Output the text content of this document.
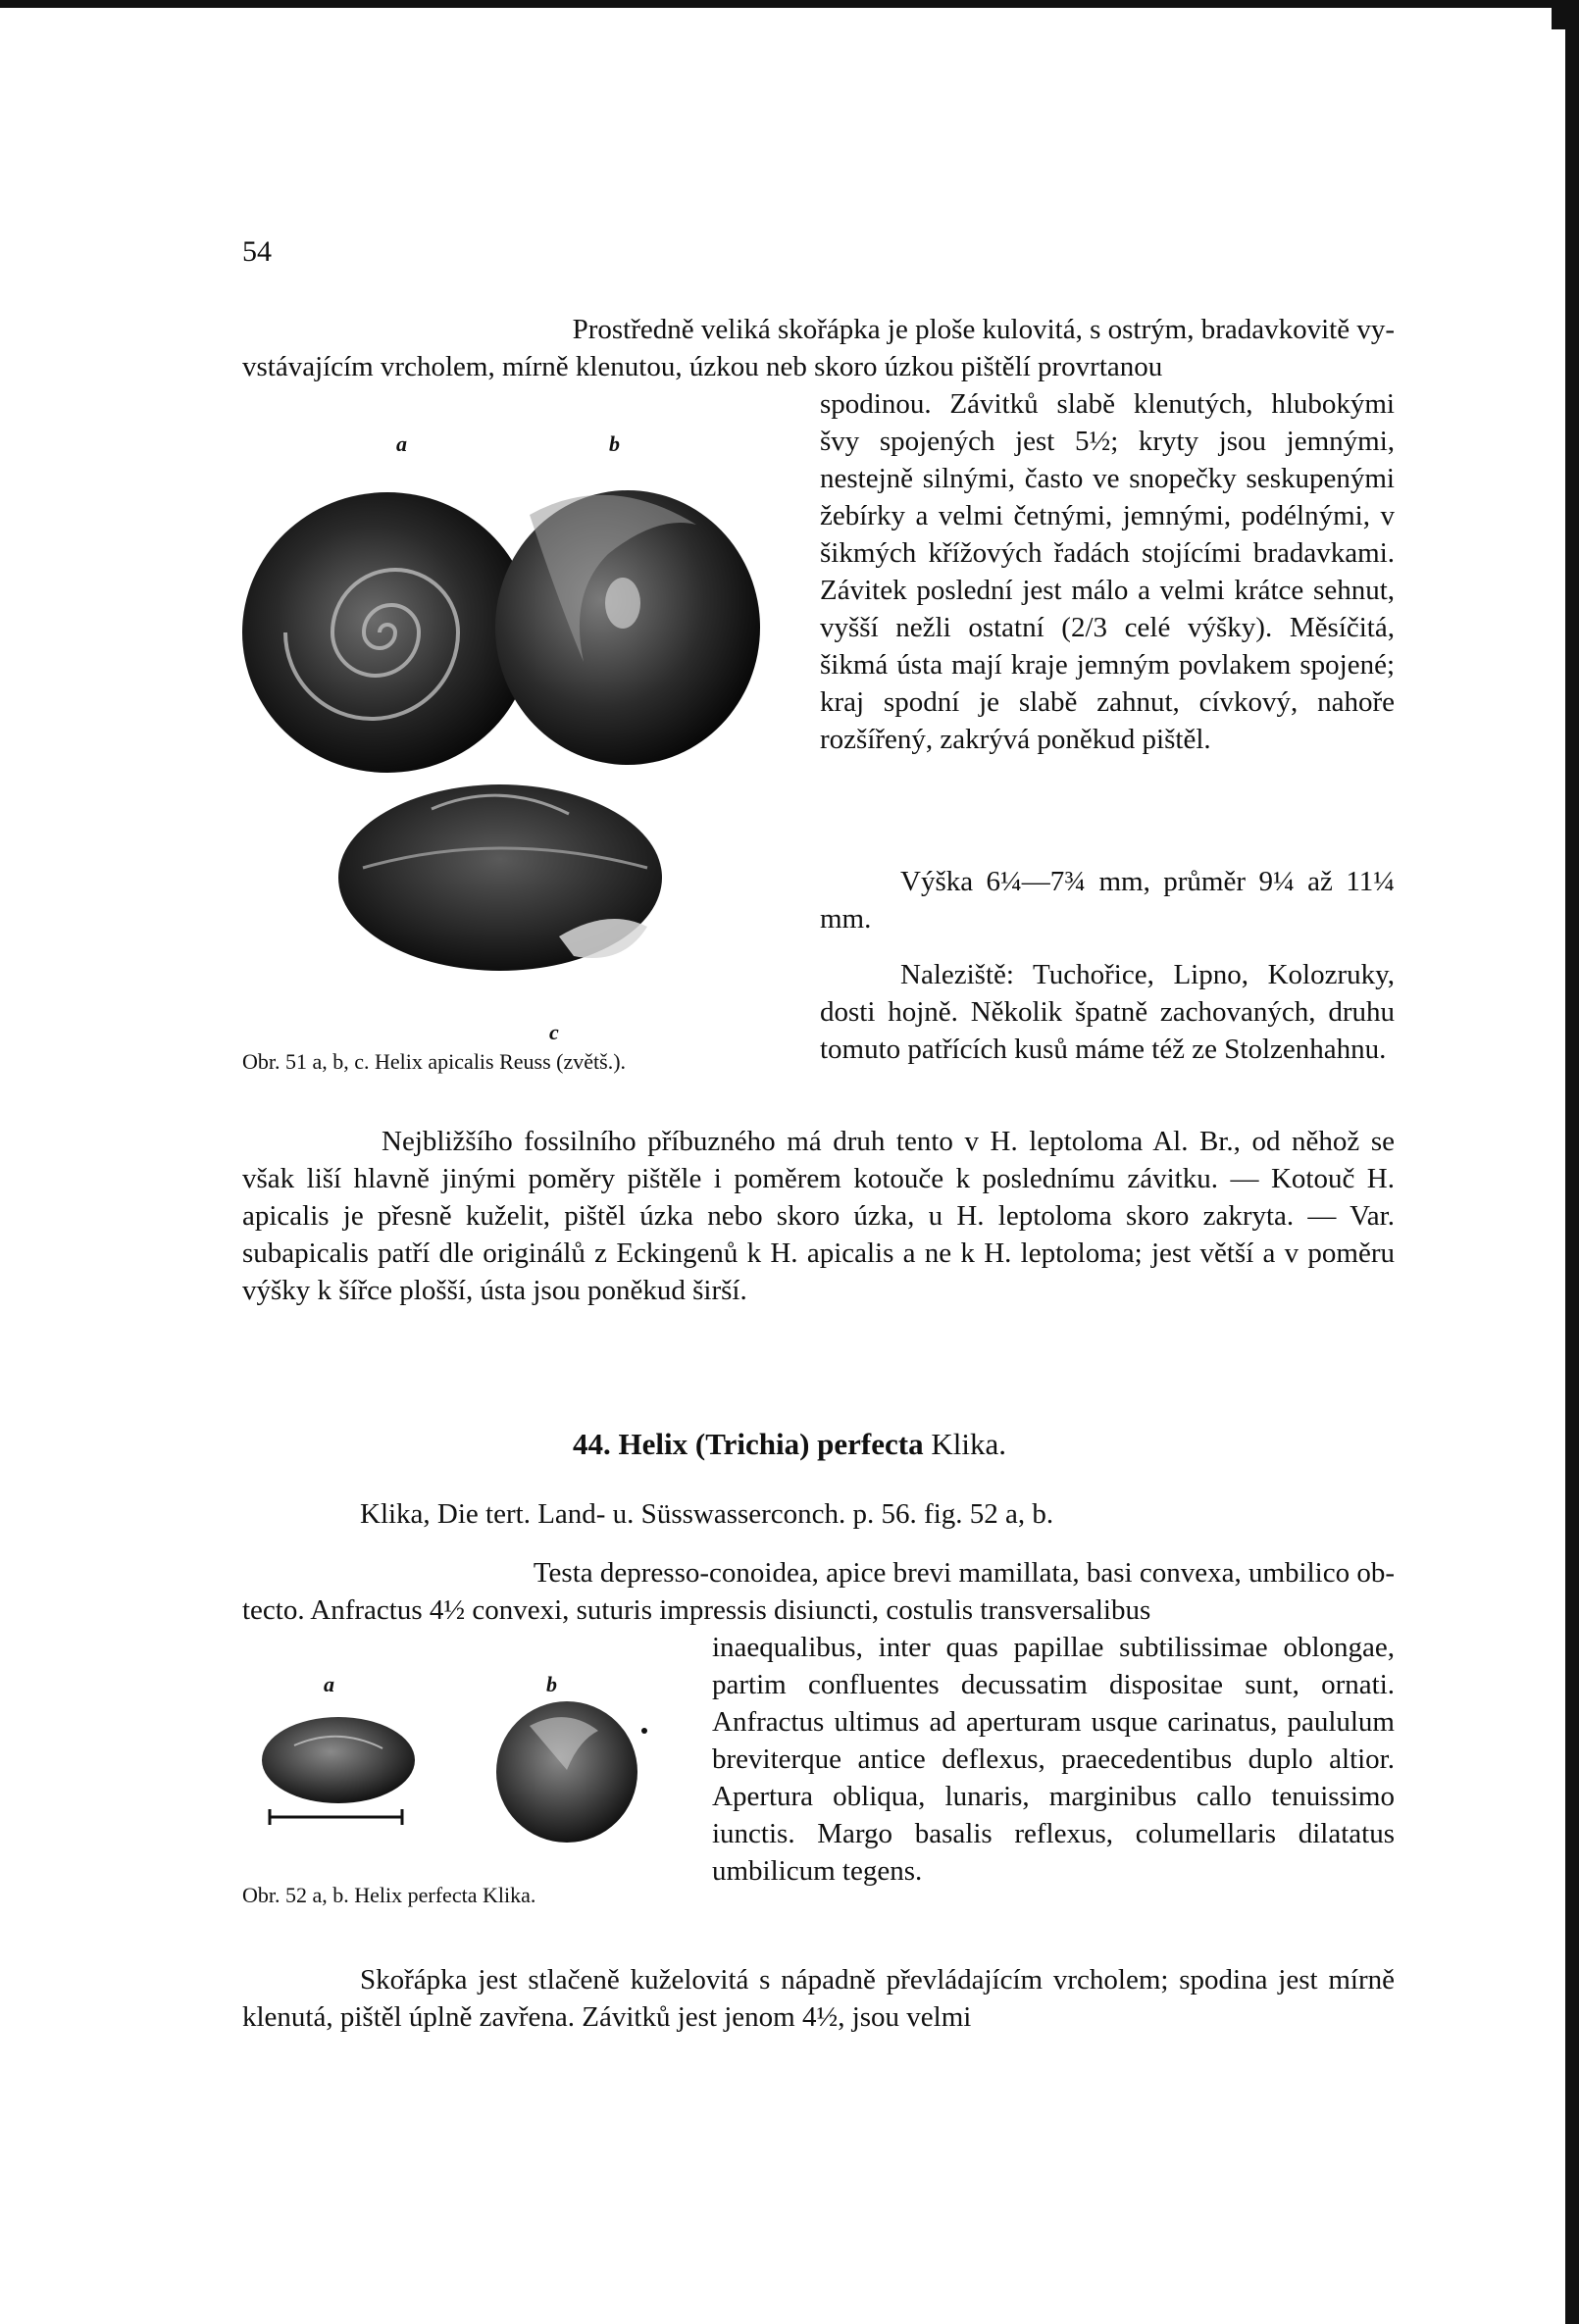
54

Prostředně veliká skořápka je ploše kulovitá, s ostrým, bradavkovitě vy-

vstávajícím vrcholem, mírně klenutou, úzkou neb skoro úzkou pištělí provrtanou

spodinou. Závitků slabě klenutých, hlubokými švy spojených jest 5½; kryty jsou jemnými, nestejně silnými, často ve snopečky seskupenými žebírky a velmi četnými, jemnými, podélnými, v šikmých křížových řadách stojícími bradavkami. Závitek poslední jest málo a velmi krátce sehnut, vyšší nežli ostatní (2/3 celé výšky). Měsíčitá, šikmá ústa mají kraje jemným povlakem spojené; kraj spodní je slabě zahnut, cívkový, nahoře rozšířený, zakrývá poněkud pištěl.

Výška 6¼—7¾ mm, průměr 9¼ až 11¼ mm.

Naleziště: Tuchořice, Lipno, Kolozruky, dosti hojně. Několik špatně zachovaných, druhu tomuto patřících kusů máme též ze Stolzenhahnu.

Nejbližšího fossilního příbuzného má druh tento v H. leptoloma Al. Br., od něhož se však liší hlavně jinými poměry pištěle i poměrem kotouče k poslednímu závitku. — Kotouč H. apicalis je přesně kuželit, pištěl úzka nebo skoro úzka, u H. leptoloma skoro zakryta. — Var. subapicalis patří dle originálů z Eckingenů k H. apicalis a ne k H. leptoloma; jest větší a v poměru výšky k šířce plošší, ústa jsou poněkud širší.

a	b
c
Obr. 51 a, b, c. Helix apicalis Reuss (zvětš.).
44. Helix (Trichia) perfecta Klika.
Klika, Die tert. Land- u. Süsswasserconch. p. 56. fig. 52 a, b.

Testa depresso-conoidea, apice brevi mamillata, basi convexa, umbilico ob-

tecto. Anfractus 4½ convexi, suturis impressis disiuncti, costulis transversalibus

inaequalibus, inter quas papillae subtilissimae oblongae, partim confluentes decussatim dispositae sunt, ornati. Anfractus ultimus ad aperturam usque carinatus, paululum breviterque antice deflexus, praecedentibus duplo altior. Apertura obliqua, lunaris, marginibus callo tenuissimo iunctis. Margo basalis reflexus, columellaris dilatatus umbilicum tegens.

a	b
Obr. 52 a, b. Helix perfecta Klika.

Skořápka jest stlačeně kuželovitá s nápadně převládajícím vrcholem; spodina jest mírně klenutá, pištěl úplně zavřena. Závitků jest jenom 4½, jsou velmi
